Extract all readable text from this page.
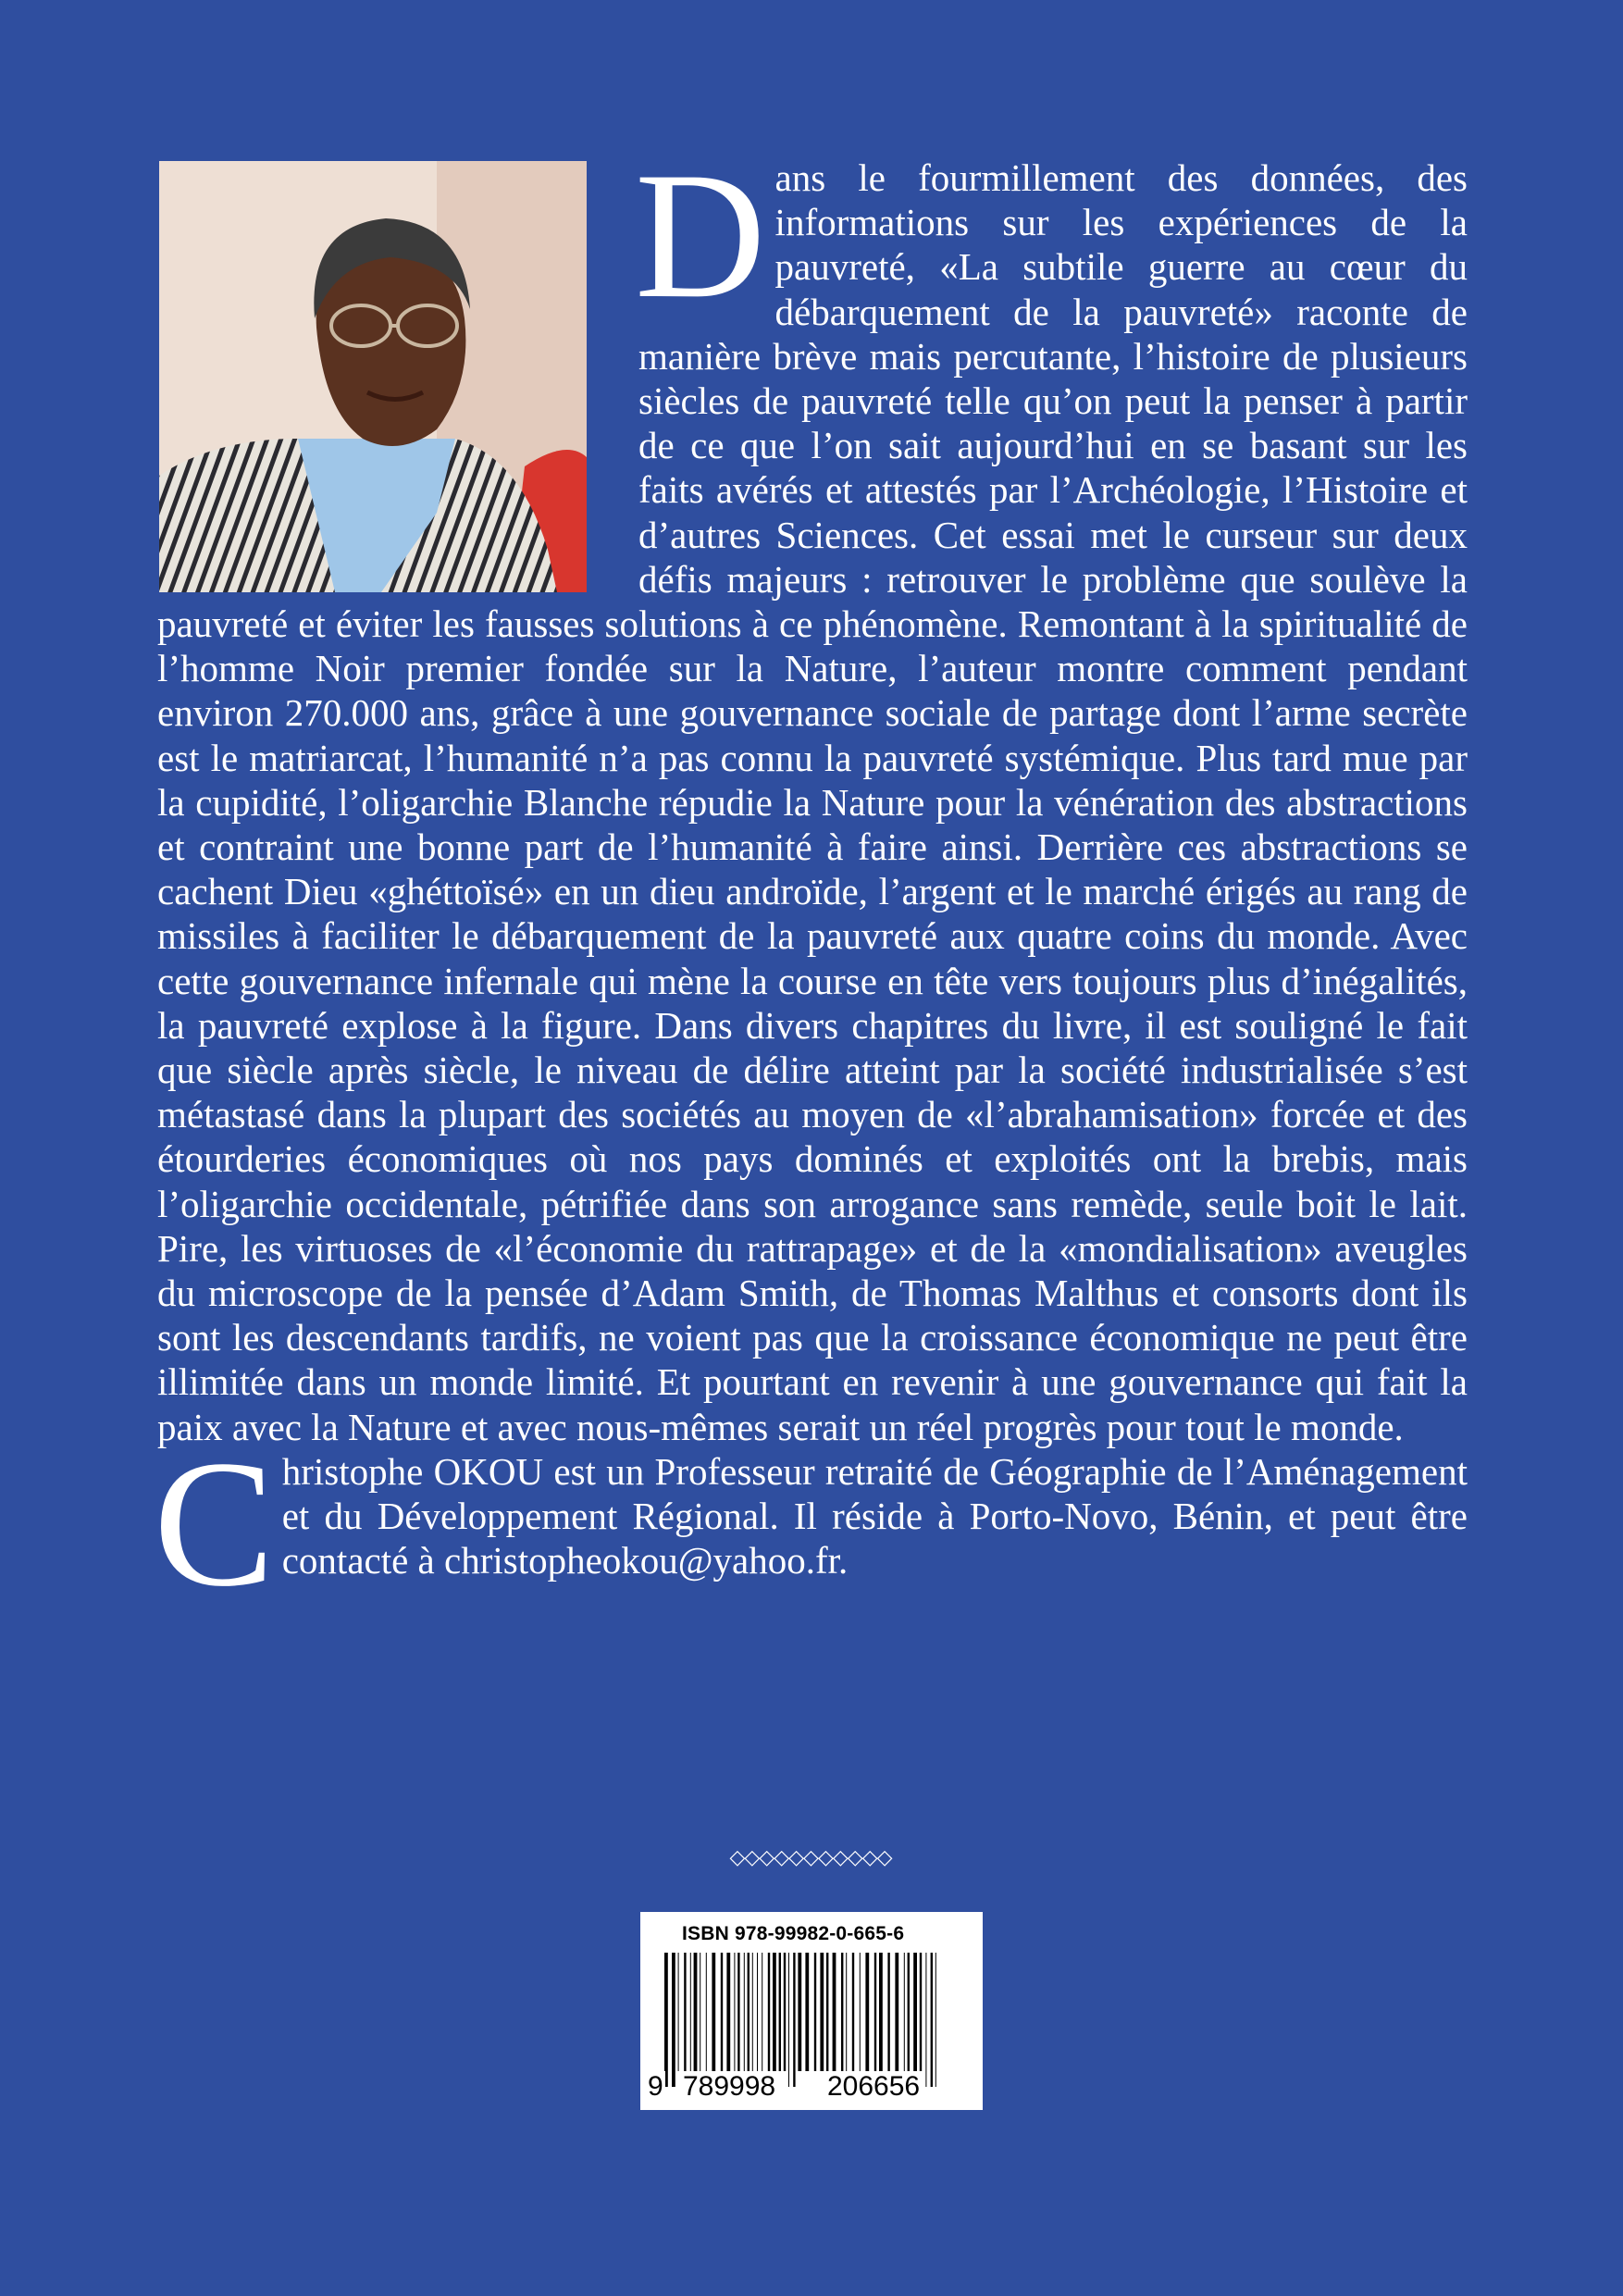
D ans le fourmillement des données, des informations sur les expériences de la pauvreté, «La subtile guerre au cœur du débarquement de la pauvreté» raconte de manière brève mais percutante, l’histoire de plusieurs siècles de pauvreté telle qu’on peut la penser à partir de ce que l’on sait aujourd’hui en se basant sur les faits avérés et attestés par l’Archéologie, l’Histoire et d’autres Sciences. Cet essai met le curseur sur deux défis majeurs : retrouver le problème que soulève la pauvreté et éviter les fausses solutions à ce phénomène. Remontant à la spiritualité de l’homme Noir premier fondée sur la Nature, l’auteur montre comment pendant environ 270.000 ans, grâce à une gouvernance sociale de partage dont l’arme secrète est le matriarcat, l’humanité n’a pas connu la pauvreté systémique. Plus tard mue par la cupidité, l’oligarchie Blanche répudie la Nature pour la vénération des abstractions et contraint une bonne part de l’humanité à faire ainsi. Derrière ces abstractions se cachent Dieu «ghéttoïsé» en un dieu androïde, l’argent et le marché érigés au rang de missiles à faciliter le débarquement de la pauvreté aux quatre coins du monde. Avec cette gouvernance infernale qui mène la course en tête vers toujours plus d’inégalités, la pauvreté explose à la figure. Dans divers chapitres du livre, il est souligné le fait que siècle après siècle, le niveau de délire atteint par la société industrialisée s’est métastasé dans la plupart des sociétés au moyen de «l’abrahamisation» forcée et des étourderies économiques où nos pays dominés et exploités ont la brebis, mais l’oligarchie occidentale, pétrifiée dans son arrogance sans remède, seule boit le lait. Pire, les virtuoses de «l’économie du rattrapage» et de la «mondialisation» aveugles du microscope de la pensée d’Adam Smith, de Thomas Malthus et consorts dont ils sont les descendants tardifs, ne voient pas que la croissance économique ne peut être illimitée dans un monde limité. Et pourtant en revenir à une gouvernance qui fait la paix avec la Nature et avec nous-mêmes serait un réel progrès pour tout le monde.
C hristophe OKOU est un Professeur retraité de Géographie de l’Aménagement et du Développement Régional. Il réside à Porto-Novo, Bénin, et peut être contacté à christopheokou@yahoo.fr.
◇◇◇◇◇◇◇◇◇◇◇
ISBN 978-99982-0-665-6
9 789998 206656
